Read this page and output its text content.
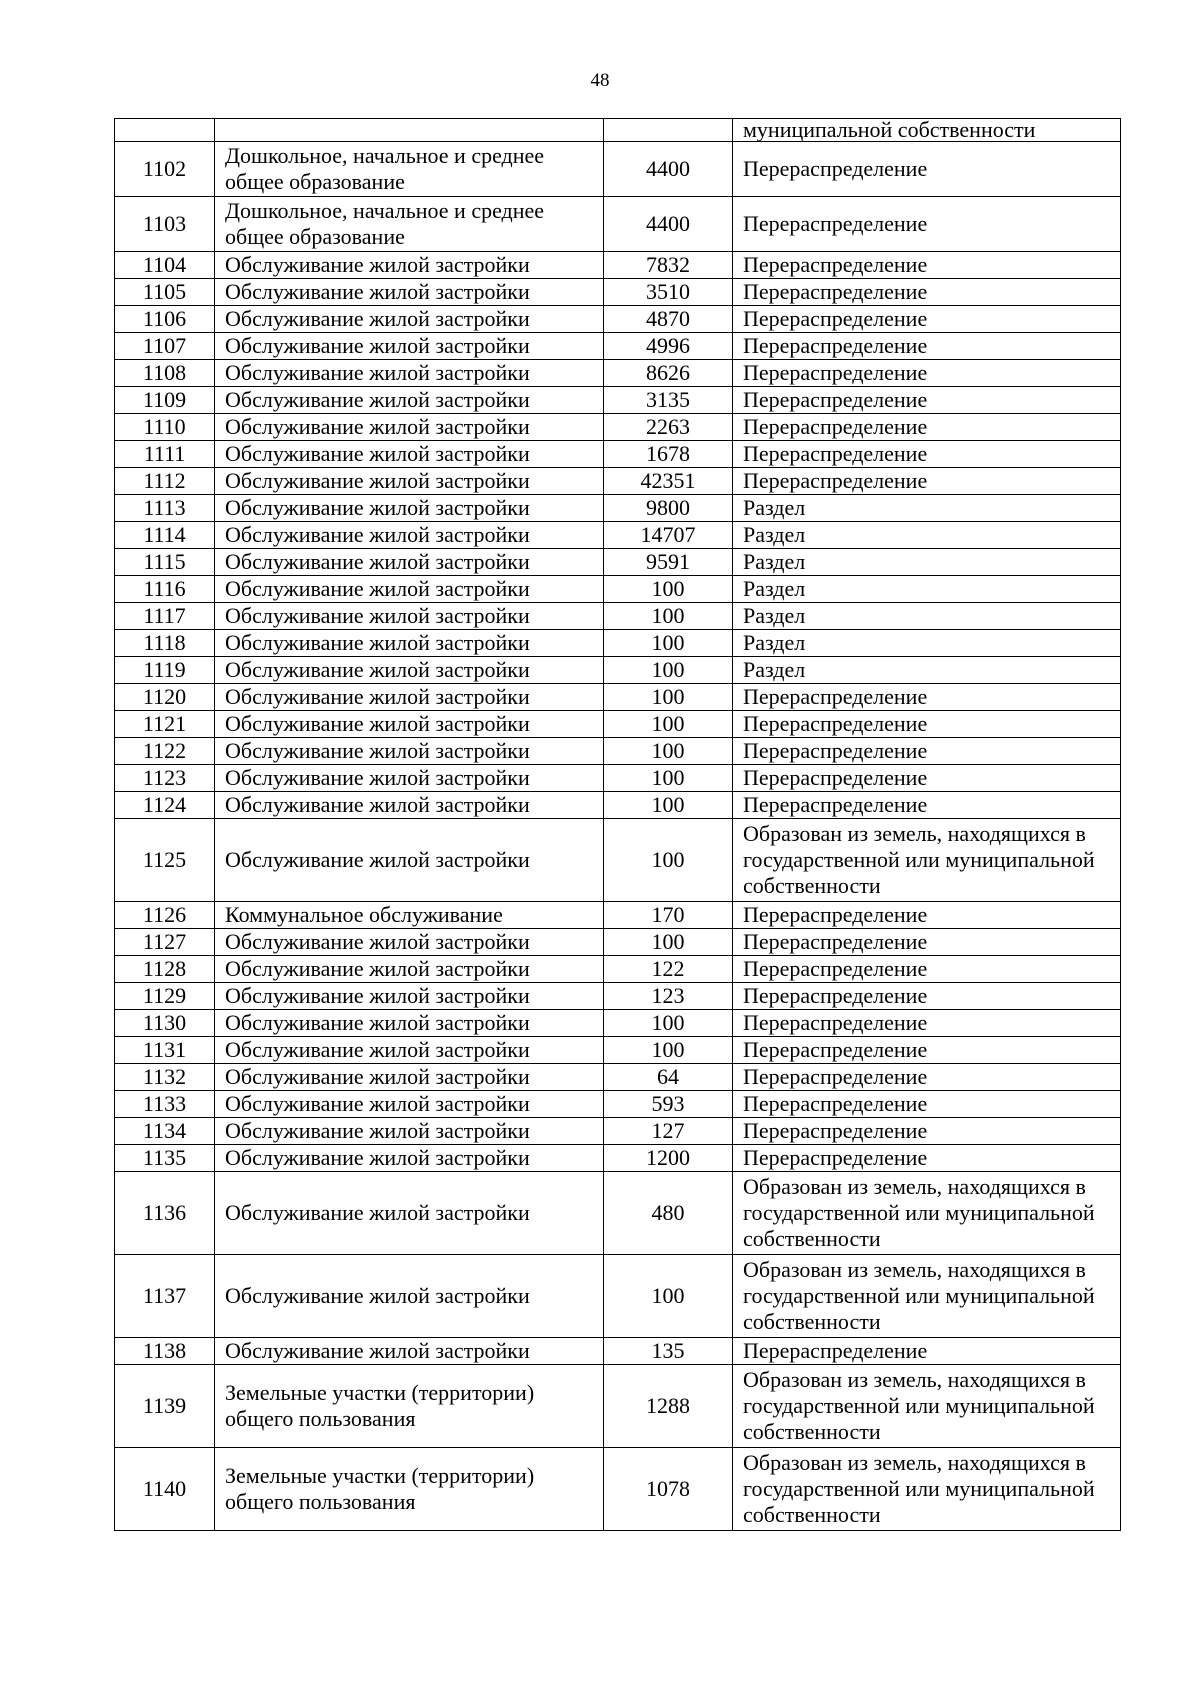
48
			муниципальной собственности
1102	Дошкольное, начальное и среднее общее образование	4400	Перераспределение
1103	Дошкольное, начальное и среднее общее образование	4400	Перераспределение
1104	Обслуживание жилой застройки	7832	Перераспределение
1105	Обслуживание жилой застройки	3510	Перераспределение
1106	Обслуживание жилой застройки	4870	Перераспределение
1107	Обслуживание жилой застройки	4996	Перераспределение
1108	Обслуживание жилой застройки	8626	Перераспределение
1109	Обслуживание жилой застройки	3135	Перераспределение
1110	Обслуживание жилой застройки	2263	Перераспределение
1111	Обслуживание жилой застройки	1678	Перераспределение
1112	Обслуживание жилой застройки	42351	Перераспределение
1113	Обслуживание жилой застройки	9800	Раздел
1114	Обслуживание жилой застройки	14707	Раздел
1115	Обслуживание жилой застройки	9591	Раздел
1116	Обслуживание жилой застройки	100	Раздел
1117	Обслуживание жилой застройки	100	Раздел
1118	Обслуживание жилой застройки	100	Раздел
1119	Обслуживание жилой застройки	100	Раздел
1120	Обслуживание жилой застройки	100	Перераспределение
1121	Обслуживание жилой застройки	100	Перераспределение
1122	Обслуживание жилой застройки	100	Перераспределение
1123	Обслуживание жилой застройки	100	Перераспределение
1124	Обслуживание жилой застройки	100	Перераспределение
1125	Обслуживание жилой застройки	100	Образован из земель, находящихся в государственной или муниципальной собственности
1126	Коммунальное обслуживание	170	Перераспределение
1127	Обслуживание жилой застройки	100	Перераспределение
1128	Обслуживание жилой застройки	122	Перераспределение
1129	Обслуживание жилой застройки	123	Перераспределение
1130	Обслуживание жилой застройки	100	Перераспределение
1131	Обслуживание жилой застройки	100	Перераспределение
1132	Обслуживание жилой застройки	64	Перераспределение
1133	Обслуживание жилой застройки	593	Перераспределение
1134	Обслуживание жилой застройки	127	Перераспределение
1135	Обслуживание жилой застройки	1200	Перераспределение
1136	Обслуживание жилой застройки	480	Образован из земель, находящихся в государственной или муниципальной собственности
1137	Обслуживание жилой застройки	100	Образован из земель, находящихся в государственной или муниципальной собственности
1138	Обслуживание жилой застройки	135	Перераспределение
1139	Земельные участки (территории) общего пользования	1288	Образован из земель, находящихся в государственной или муниципальной собственности
1140	Земельные участки (территории) общего пользования	1078	Образован из земель, находящихся в государственной или муниципальной собственности
